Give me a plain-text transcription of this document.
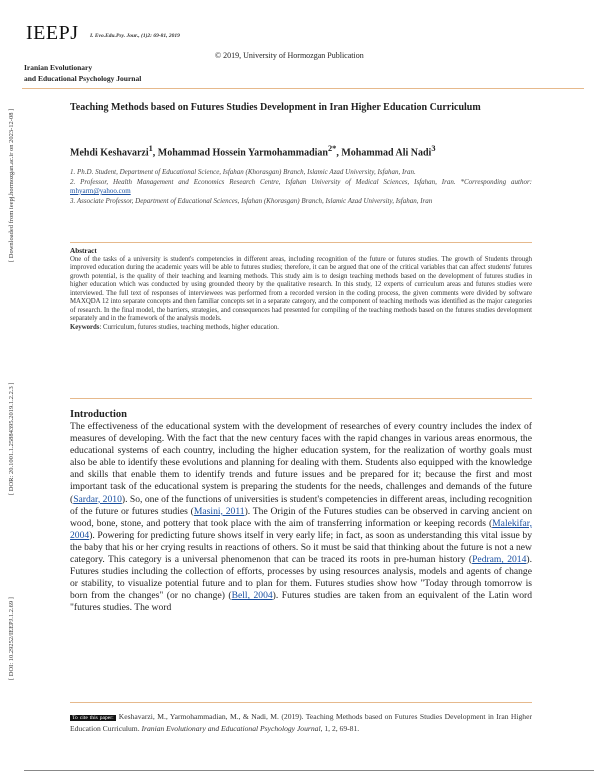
IEEPJ I. Evo.Edu.Psy. Jour., (1)2: 69-81, 2019
© 2019, University of Hormozgan Publication
Iranian Evolutionary
and Educational Psychology Journal
[ Downloaded from ieepj.hormozgan.ac.ir on 2023-12-08 ]
[ DOR: 20.1001.1.25884395.2019.1.2.2.3 ]
[ DOI: 10.29252/IEEPJ.1.2.69 ]
Teaching Methods based on Futures Studies Development in Iran Higher Education Curriculum
Mehdi Keshavarzi$^1$, Mohammad Hossein Yarmohammadian$^{2*}$, Mohammad Ali Nadi$^3$
1. Ph.D. Student, Department of Educational Science, Isfahan (Khorasgan) Branch, Islamic Azad University, Isfahan, Iran.
2. Professor, Health Management and Economics Research Centre, Isfahan University of Medical Sciences, Isfahan, Iran. *Corresponding author: mhyarm@yahoo.com
3. Associate Professor, Department of Educational Sciences, Isfahan (Khorasgan) Branch, Islamic Azad University, Isfahan, Iran
Abstract
One of the tasks of a university is student's competencies in different areas, including recognition of the future or futures studies. The growth of Students through improved education during the academic years will be able to futures studies; therefore, it can be argued that one of the critical variables that can affect students' futures growth potential, is the quality of their teaching and learning methods. This study aim is to design teaching methods based on the development of futures studies in higher education which was conducted by using grounded theory by the qualitative research. In this study, 12 experts of curriculum areas and futures studies were interviewed. The full text of responses of interviewees was performed from a recorded version in the coding process, the given comments were divided by software MAXQDA 12 into separate concepts and then familiar concepts set in a separate category, and the component of teaching methods was identified as the major categories of research. In the final model, the barriers, strategies, and consequences had presented for compiling of the teaching methods based on the futures studies development separately and in the framework of the analysis models.
Keywords: Curriculum, futures studies, teaching methods, higher education.
Introduction
The effectiveness of the educational system with the development of researches of every country includes the index of measures of developing. With the fact that the new century faces with the rapid changes in various areas enormous, the educational systems of each country, including the higher education system, for the realization of worthy goals must also be able to identify these evolutions and planning for dealing with them. Students also equipped with the knowledge and skills that enable them to identify trends and future issues and be prepared for it; because the first and most important task of the educational system is preparing the students for the needs, challenges and demands of the future (Sardar, 2010). So, one of the functions of universities is student's competencies in different areas, including recognition of the future or futures studies (Masini, 2011). The Origin of the Futures studies can be observed in carving ancient on wood, bone, stone, and pottery that took place with the aim of transferring information or keeping records (Malekifar, 2004). Powering for predicting future shows itself in very early life; in fact, as soon as understanding this vital issue by the baby that his or her crying results in reactions of others. So it must be said that thinking about the future is not a new category. This category is a universal phenomenon that can be traced its roots in pre-human history (Pedram, 2014). Futures studies including the collection of efforts, processes by using resources analysis, models and agents of change or stability, to visualize potential future and to plan for them. Futures studies show how "Today through tomorrow is born from the changes" (or no change) (Bell, 2004). Futures studies are taken from an equivalent of the Latin word "futures studies. The word
To cite this paper: Keshavarzi, M., Yarmohammadian, M., & Nadi, M. (2019). Teaching Methods based on Futures Studies Development in Iran Higher Education Curriculum. Iranian Evolutionary and Educational Psychology Journal, 1, 2, 69-81.
